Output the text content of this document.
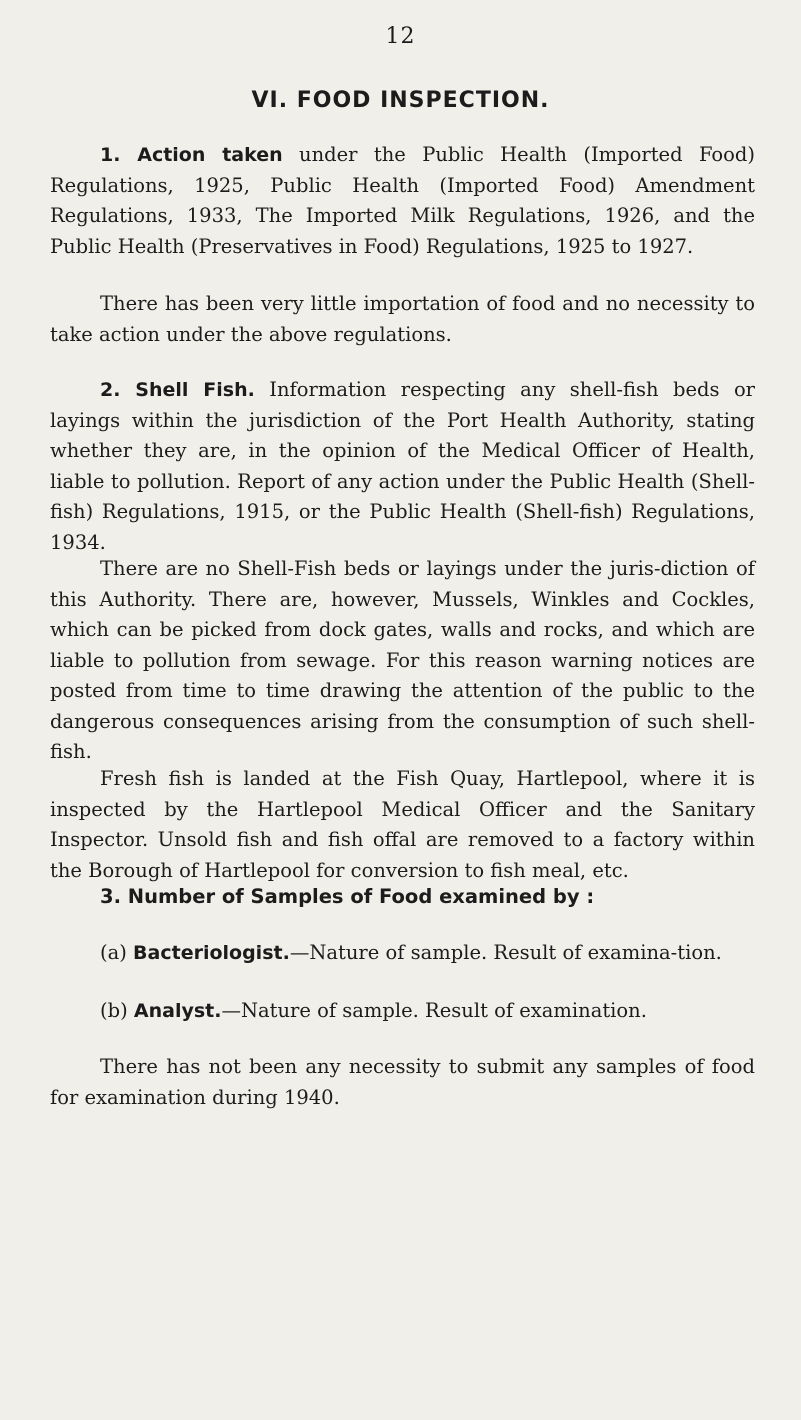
12
VI. FOOD INSPECTION.

1. Action taken under the Public Health (Imported Food) Regulations, 1925, Public Health (Imported Food) Amendment Regulations, 1933, The Imported Milk Regulations, 1926, and the Public Health (Preservatives in Food) Regulations, 1925 to 1927.

There has been very little importation of food and no necessity to take action under the above regulations.

2. Shell Fish. Information respecting any shell-fish beds or layings within the jurisdiction of the Port Health Authority, stating whether they are, in the opinion of the Medical Officer of Health, liable to pollution. Report of any action under the Public Health (Shell-fish) Regulations, 1915, or the Public Health (Shell-fish) Regulations, 1934.

There are no Shell-Fish beds or layings under the juris-diction of this Authority. There are, however, Mussels, Winkles and Cockles, which can be picked from dock gates, walls and rocks, and which are liable to pollution from sewage. For this reason warning notices are posted from time to time drawing the attention of the public to the dangerous consequences arising from the consumption of such shell-fish.

Fresh fish is landed at the Fish Quay, Hartlepool, where it is inspected by the Hartlepool Medical Officer and the Sanitary Inspector. Unsold fish and fish offal are removed to a factory within the Borough of Hartlepool for conversion to fish meal, etc.

3. Number of Samples of Food examined by :

(a) Bacteriologist.—Nature of sample. Result of examina-tion.

(b) Analyst.—Nature of sample. Result of examination.

There has not been any necessity to submit any samples of food for examination during 1940.
